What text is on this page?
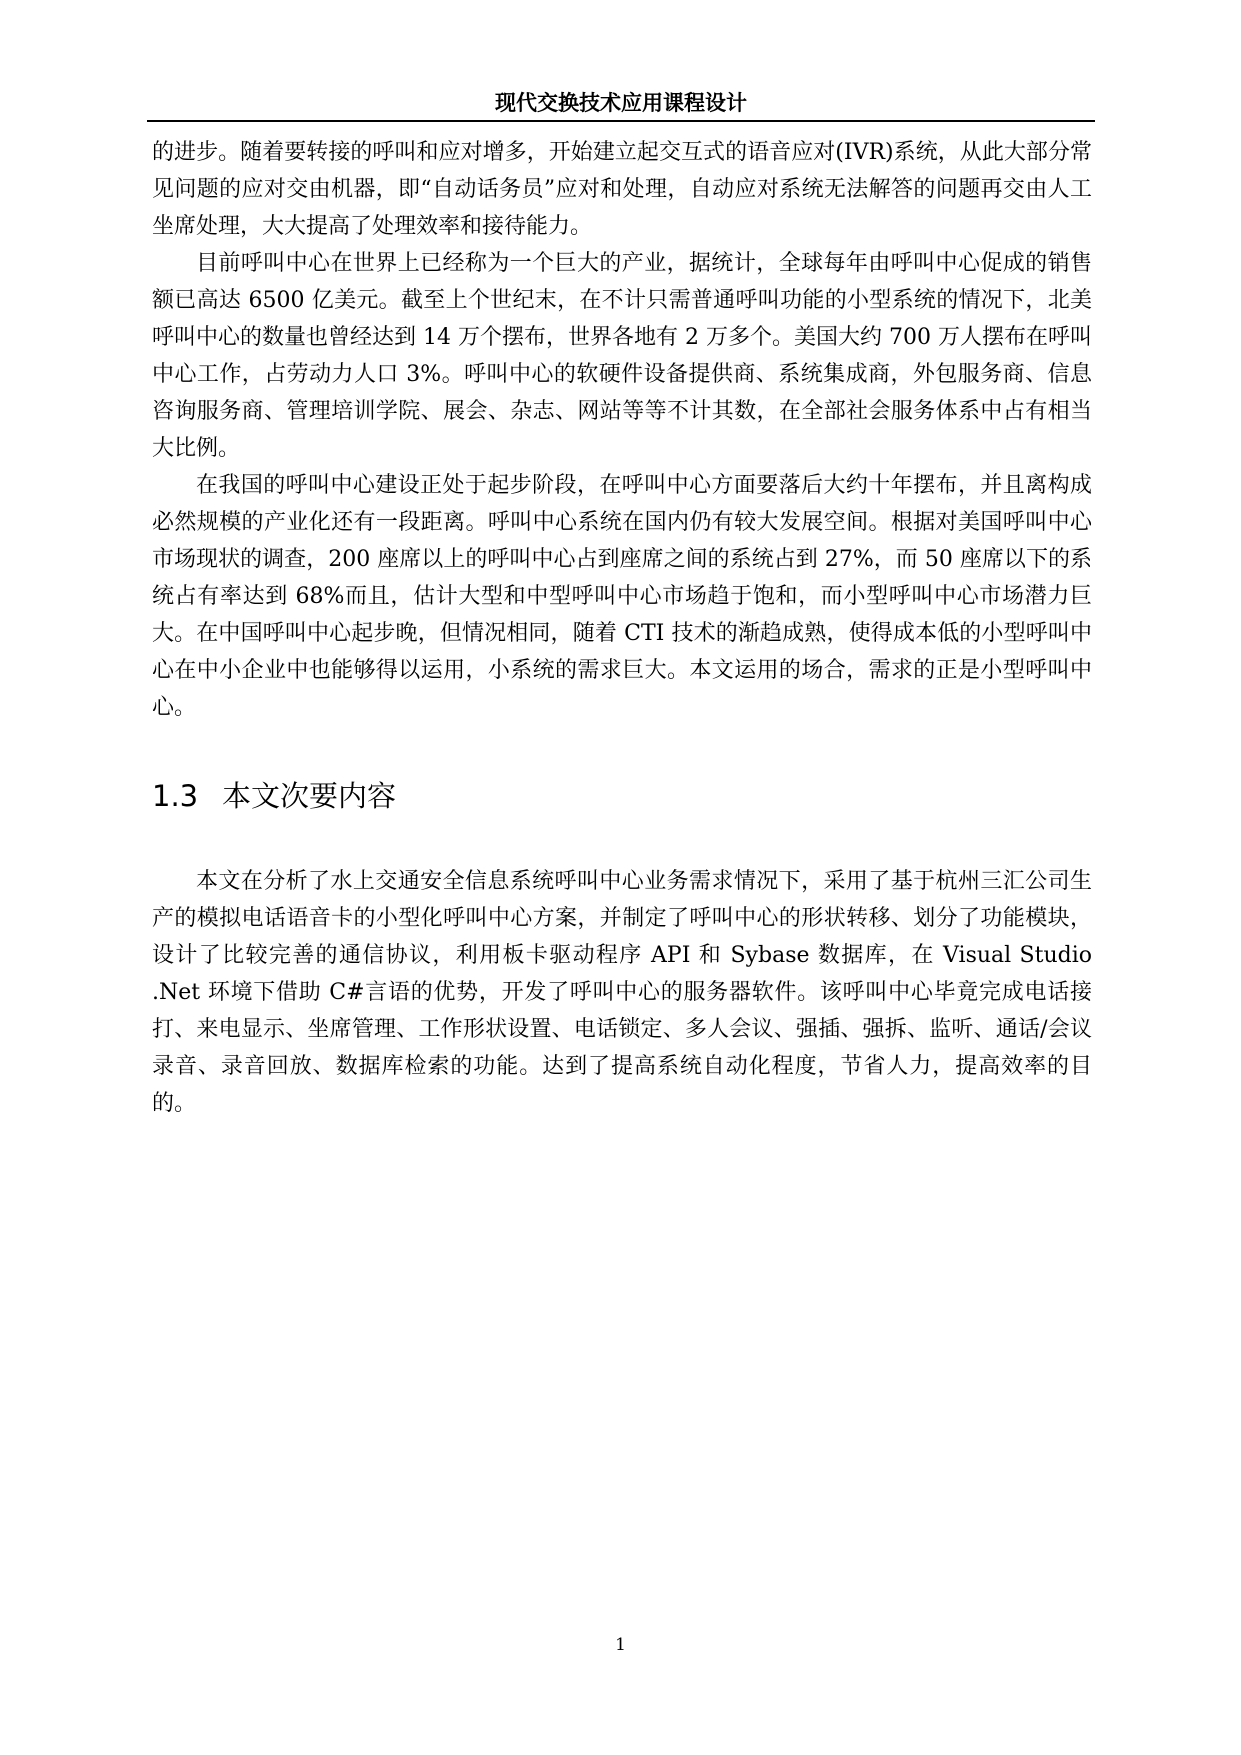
现代交换技术应用课程设计

的进步。随着要转接的呼叫和应对增多，开始建立起交互式的语音应对(IVR)系统，从此大部分常见问题的应对交由机器，即“自动话务员”应对和处理，自动应对系统无法解答的问题再交由人工坐席处理，大大提高了处理效率和接待能力。

目前呼叫中心在世界上已经称为一个巨大的产业，据统计，全球每年由呼叫中心促成的销售额已高达 6500 亿美元。截至上个世纪末，在不计只需普通呼叫功能的小型系统的情况下，北美呼叫中心的数量也曾经达到 14 万个摆布，世界各地有 2 万多个。美国大约 700 万人摆布在呼叫中心工作，占劳动力人口 3%。呼叫中心的软硬件设备提供商、系统集成商，外包服务商、信息咨询服务商、管理培训学院、展会、杂志、网站等等不计其数，在全部社会服务体系中占有相当大比例。

在我国的呼叫中心建设正处于起步阶段，在呼叫中心方面要落后大约十年摆布，并且离构成必然规模的产业化还有一段距离。呼叫中心系统在国内仍有较大发展空间。根据对美国呼叫中心市场现状的调查，200 座席以上的呼叫中心占到座席之间的系统占到 27%，而 50 座席以下的系统占有率达到 68%而且，估计大型和中型呼叫中心市场趋于饱和，而小型呼叫中心市场潜力巨大。在中国呼叫中心起步晚，但情况相同，随着 CTI 技术的渐趋成熟，使得成本低的小型呼叫中心在中小企业中也能够得以运用，小系统的需求巨大。本文运用的场合，需求的正是小型呼叫中心。

1.3 本文次要内容

本文在分析了水上交通安全信息系统呼叫中心业务需求情况下，采用了基于杭州三汇公司生产的模拟电话语音卡的小型化呼叫中心方案，并制定了呼叫中心的形状转移、划分了功能模块，设计了比较完善的通信协议，利用板卡驱动程序 API 和 Sybase 数据库，在 Visual Studio .Net 环境下借助 C#言语的优势，开发了呼叫中心的服务器软件。该呼叫中心毕竟完成电话接打、来电显示、坐席管理、工作形状设置、电话锁定、多人会议、强插、强拆、监听、通话/会议录音、录音回放、数据库检索的功能。达到了提高系统自动化程度，节省人力，提高效率的目的。

1
